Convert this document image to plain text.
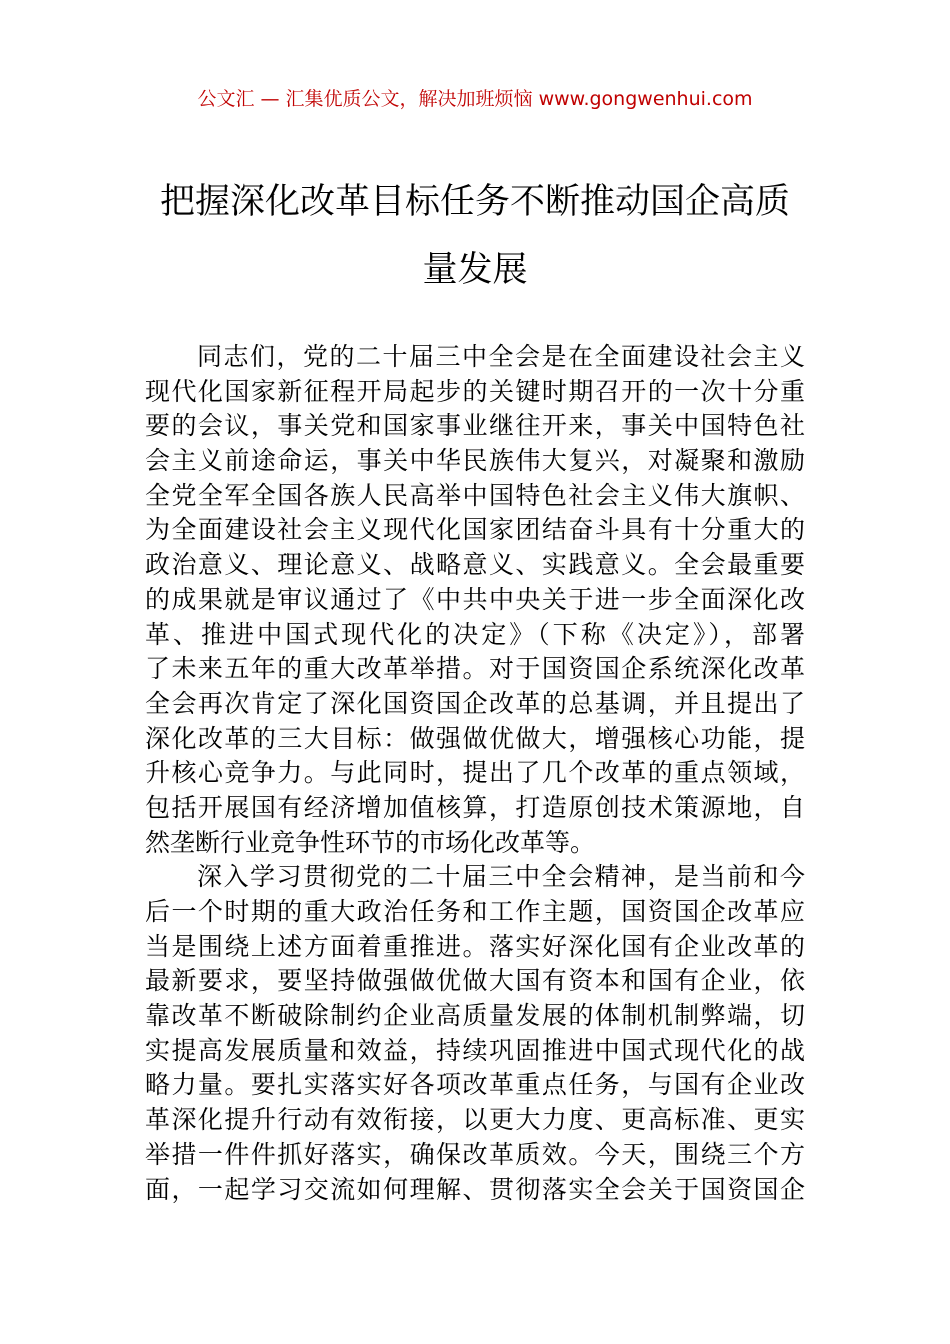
公文汇 — 汇集优质公文，解决加班烦恼 www.gongwenhui.com
把握深化改革目标任务不断推动国企高质
量发展
同志们，党的二十届三中全会是在全面建设社会主义
现代化国家新征程开局起步的关键时期召开的一次十分重
要的会议，事关党和国家事业继往开来，事关中国特色社
会主义前途命运，事关中华民族伟大复兴，对凝聚和激励
全党全军全国各族人民高举中国特色社会主义伟大旗帜、
为全面建设社会主义现代化国家团结奋斗具有十分重大的
政治意义、理论意义、战略意义、实践意义。全会最重要
的成果就是审议通过了《中共中央关于进一步全面深化改
革、推进中国式现代化的决定》（下称《决定》），部署
了未来五年的重大改革举措。对于国资国企系统深化改革
全会再次肯定了深化国资国企改革的总基调，并且提出了
深化改革的三大目标：做强做优做大，增强核心功能，提
升核心竞争力。与此同时，提出了几个改革的重点领域，
包括开展国有经济增加值核算，打造原创技术策源地，自
然垄断行业竞争性环节的市场化改革等。
深入学习贯彻党的二十届三中全会精神，是当前和今
后一个时期的重大政治任务和工作主题，国资国企改革应
当是围绕上述方面着重推进。落实好深化国有企业改革的
最新要求，要坚持做强做优做大国有资本和国有企业，依
靠改革不断破除制约企业高质量发展的体制机制弊端，切
实提高发展质量和效益，持续巩固推进中国式现代化的战
略力量。要扎实落实好各项改革重点任务，与国有企业改
革深化提升行动有效衔接，以更大力度、更高标准、更实
举措一件件抓好落实，确保改革质效。今天，围绕三个方
面，一起学习交流如何理解、贯彻落实全会关于国资国企
